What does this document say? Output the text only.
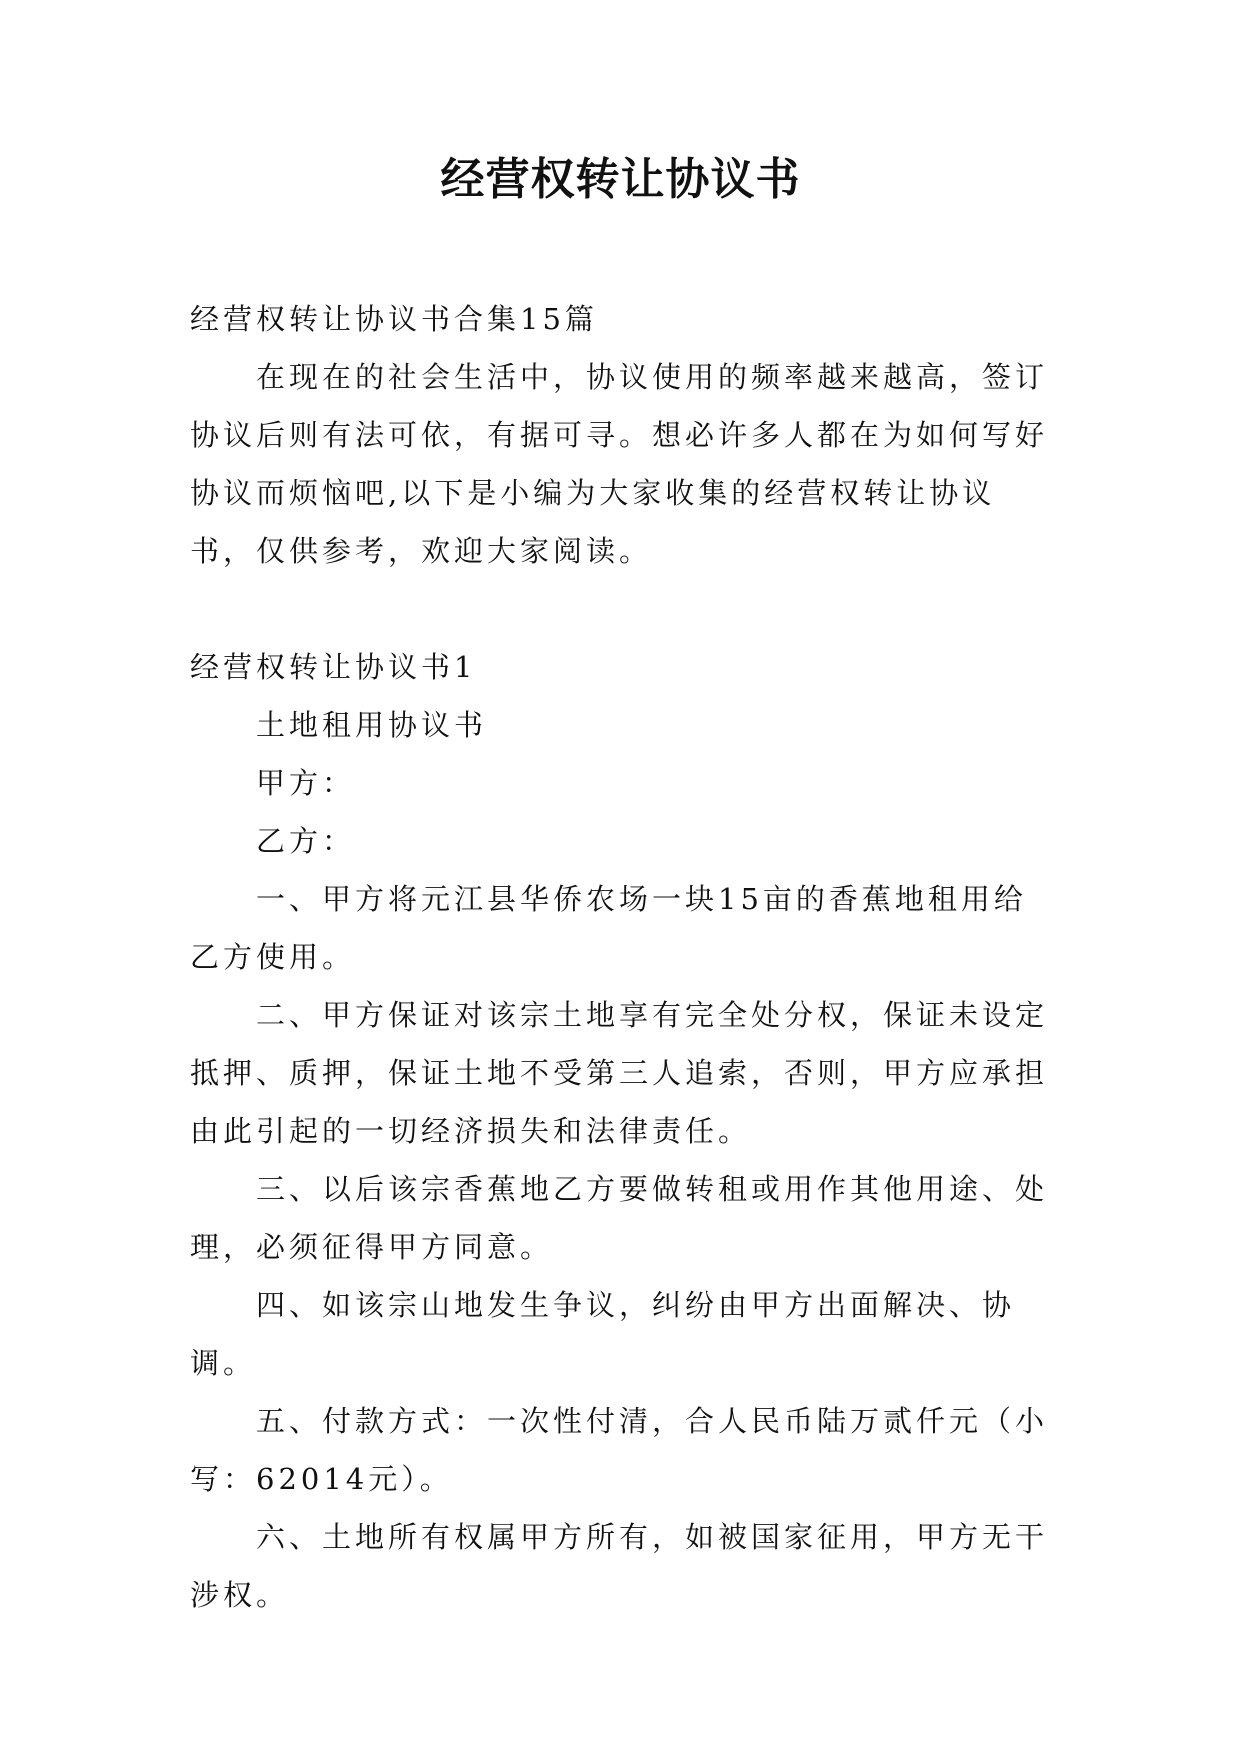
经营权转让协议书

经营权转让协议书合集15篇

在现在的社会生活中，协议使用的频率越来越高，签订协议后则有法可依，有据可寻。想必许多人都在为如何写好协议而烦恼吧,以下是小编为大家收集的经营权转让协议书，仅供参考，欢迎大家阅读。

经营权转让协议书1

土地租用协议书

甲方：

乙方：

一、甲方将元江县华侨农场一块15亩的香蕉地租用给乙方使用。

二、甲方保证对该宗土地享有完全处分权，保证未设定抵押、质押，保证土地不受第三人追索，否则，甲方应承担由此引起的一切经济损失和法律责任。

三、以后该宗香蕉地乙方要做转租或用作其他用途、处理，必须征得甲方同意。

四、如该宗山地发生争议，纠纷由甲方出面解决、协调。

五、付款方式：一次性付清，合人民币陆万贰仟元（小写：62014元）。

六、土地所有权属甲方所有，如被国家征用，甲方无干涉权。
